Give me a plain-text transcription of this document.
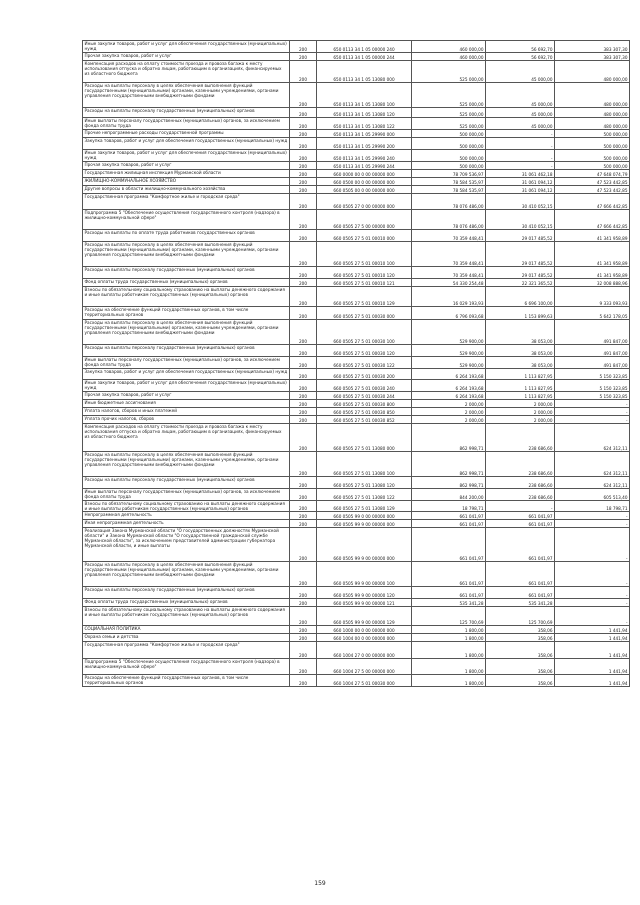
Иные закупки товаров, работ и услуг для обеспечения государственных (муниципальных) нужд	200	650 0113 34 1 05 00000 240	460 000,00	56 692,70	383 307,30
Прочая закупка товаров, работ и услуг	200	650 0113 34 1 05 00000 244	460 000,00	56 692,70	383 307,30
Компенсация расходов на оплату стоимости проезда и провоза багажа к месту использования отпуска и обратно лицам, работающим в организациях, финансируемых из областного бюджета	200	650 0113 34 1 05 13080 000	525 000,00	45 000,00	480 000,00
Расходы на выплаты персоналу в целях обеспечения выполнения функций государственными (муниципальными) органами, казенными учреждениями, органами управления государственными внебюджетными фондами	200	650 0113 34 1 05 13080 100	525 000,00	45 000,00	480 000,00
Расходы на выплаты персоналу государственных (муниципальных) органов	200	650 0113 34 1 05 13080 120	525 000,00	45 000,00	480 000,00
Иные выплаты персоналу государственных (муниципальных) органов, за исключением фонда оплаты труда	200	650 0113 34 1 05 13080 122	525 000,00	45 000,00	480 000,00
Прочие непрограммные расходы государственной программы	200	650 0113 34 1 05 29990 000	500 000,00	-	500 000,00
Закупка товаров, работ и услуг для обеспечения государственных (муниципальных) нужд	200	650 0113 34 1 05 29990 200	500 000,00	-	500 000,00
Иные закупки товаров, работ и услуг для обеспечения государственных (муниципальных) нужд	200	650 0113 34 1 05 29990 240	500 000,00	-	500 000,00
Прочая закупка товаров, работ и услуг	200	650 0113 34 1 05 29990 244	500 000,00	-	500 000,00
Государственная жилищная инспекция Мурманской области	200	660 0000 00 0 00 00000 000	78 709 536,97	31 061 462,18	47 648 074,79
ЖИЛИЩНО-КОММУНАЛЬНОЕ ХОЗЯЙСТВО	200	660 0500 00 0 00 00000 000	78 584 535,97	31 061 094,12	47 523 442,85
Другие вопросы в области жилищно-коммунального хозяйства	200	660 0505 00 0 00 00000 000	78 584 535,97	31 061 094,12	47 523 442,85
Государственная программа "Комфортное жилье и городская среда"	200	660 0505 27 0 00 00000 000	78 076 486,00	30 410 052,15	47 666 442,85
Подпрограмма 5 "Обеспечение осуществления государственного контроля (надзора) в жилищно-коммунальной сфере"	200	660 0505 27 5 00 00000 000	78 076 486,00	30 410 052,15	47 666 442,85
Расходы на выплаты по оплате труда работников государственных органов	200	660 0505 27 5 01 00010 000	70 359 448,41	29 017 485,52	41 341 958,89
Расходы на выплаты персоналу в целях обеспечения выполнения функций государственными (муниципальными) органами, казенными учреждениями, органами управления государственными внебюджетными фондами	200	660 0505 27 5 01 00010 100	70 359 448,41	29 017 485,52	41 341 958,89
Расходы на выплаты персоналу государственных (муниципальных) органов	200	660 0505 27 5 01 00010 120	70 359 448,41	29 017 485,52	41 341 958,89
Фонд оплаты труда государственных (муниципальных) органов	200	660 0505 27 5 01 00010 121	54 330 254,48	22 321 365,52	32 008 888,96
Взносы по обязательному социальному страхованию на выплаты денежного содержания и иные выплаты работникам государственных (муниципальных) органов	200	660 0505 27 5 01 00010 129	16 029 193,93	6 696 100,00	9 333 093,93
Расходы на обеспечение функций государственных органов, в том числе территориальных органов	200	660 0505 27 5 01 00030 000	6 796 093,68	1 153 899,63	5 642 178,05
Расходы на выплаты персоналу в целях обеспечения выполнения функций государственными (муниципальными) органами, казенными учреждениями, органами управления государственными внебюджетными фондами	200	660 0505 27 5 01 00030 100	529 900,00	38 053,00	491 847,00
Расходы на выплаты персоналу государственных (муниципальных) органов	200	660 0505 27 5 01 00030 120	529 900,00	38 053,00	491 847,00
Иные выплаты персоналу государственных (муниципальных) органов, за исключением фонда оплаты труда	200	660 0505 27 5 01 00030 122	529 900,00	38 053,00	491 847,00
Закупка товаров, работ и услуг для обеспечения государственных (муниципальных) нужд	200	660 0505 27 5 01 00030 200	6 264 193,68	1 113 827,95	5 150 323,85
Иные закупки товаров, работ и услуг для обеспечения государственных (муниципальных) нужд	200	660 0505 27 5 01 00030 240	6 264 193,68	1 113 827,95	5 150 323,85
Прочая закупка товаров, работ и услуг	200	660 0505 27 5 01 00030 244	6 264 193,68	1 113 827,95	5 150 323,85
Иные бюджетные ассигнования	200	660 0505 27 5 01 00030 800	2 000,00	2 000,00	-
Уплата налогов, сборов и иных платежей	200	660 0505 27 5 01 00030 850	2 000,00	2 000,00	-
Уплата прочих налогов, сборов	200	660 0505 27 5 01 00030 852	2 000,00	2 000,00	-
Компенсация расходов на оплату стоимости проезда и провоза багажа к месту использования отпуска и обратно лицам, работающим в организациях, финансируемых из областного бюджета	200	660 0505 27 5 01 13080 000	862 998,71	238 686,60	624 312,11
Расходы на выплаты персоналу в целях обеспечения выполнения функций государственными (муниципальными) органами, казенными учреждениями, органами управления государственными внебюджетными фондами	200	660 0505 27 5 01 13080 100	862 998,71	238 686,60	624 312,11
Расходы на выплаты персоналу государственных (муниципальных) органов	200	660 0505 27 5 01 13080 120	862 998,71	238 686,60	624 312,11
Иные выплаты персоналу государственных (муниципальных) органов, за исключением фонда оплаты труда	200	660 0505 27 5 01 13080 122	844 200,00	238 686,60	605 513,40
Взносы по обязательному социальному страхованию на выплаты денежного содержания и иные выплаты работникам государственных (муниципальных) органов	200	660 0505 27 5 01 13080 129	18 798,71	-	18 798,71
Непрограммная деятельность	200	660 0505 99 0 00 00000 000	661 041,97	661 041,97	-
Иная непрограммная деятельность	200	660 0505 99 9 00 00000 000	661 041,97	661 041,97	-
Реализация Закона Мурманской области "О государственных должностях Мурманской области" и Закона Мурманской области "О государственной гражданской службе Мурманской области", за исключением представителей администрации губернатора Мурманской области, и иные выплаты	200	660 0505 99 9 00 00000 000	661 041,97	661 041,97	-
Расходы на выплаты персоналу в целях обеспечения выполнения функций государственными (муниципальными) органами, казенными учреждениями, органами управления государственными внебюджетными фондами	200	660 0505 99 9 00 00000 100	661 041,97	661 041,97	-
Расходы на выплаты персоналу государственных (муниципальных) органов	200	660 0505 99 9 00 00000 120	661 041,97	661 041,97	-
Фонд оплаты труда государственных (муниципальных) органов	200	660 0505 99 9 00 00000 121	535 341,28	535 341,28	-
Взносы по обязательному социальному страхованию на выплаты денежного содержания и иные выплаты работникам государственных (муниципальных) органов	200	660 0505 99 9 00 00000 129	125 700,69	125 700,69	-
СОЦИАЛЬНАЯ ПОЛИТИКА	200	660 1000 00 0 00 00000 000	1 800,00	358,06	1 441,94
Охрана семьи и детства	200	660 1004 00 0 00 00000 000	1 800,00	358,06	1 441,94
Государственная программа "Комфортное жилье и городская среда"	200	660 1004 27 0 00 00000 000	1 800,00	358,06	1 441,94
Подпрограмма 5 "Обеспечение осуществления государственного контроля (надзора) в жилищно-коммунальной сфере"	200	660 1004 27 5 00 00000 000	1 800,00	358,06	1 441,94
Расходы на обеспечение функций государственных органов, в том числе территориальных органов	200	660 1004 27 5 01 00030 000	1 800,00	358,06	1 441,94
159
